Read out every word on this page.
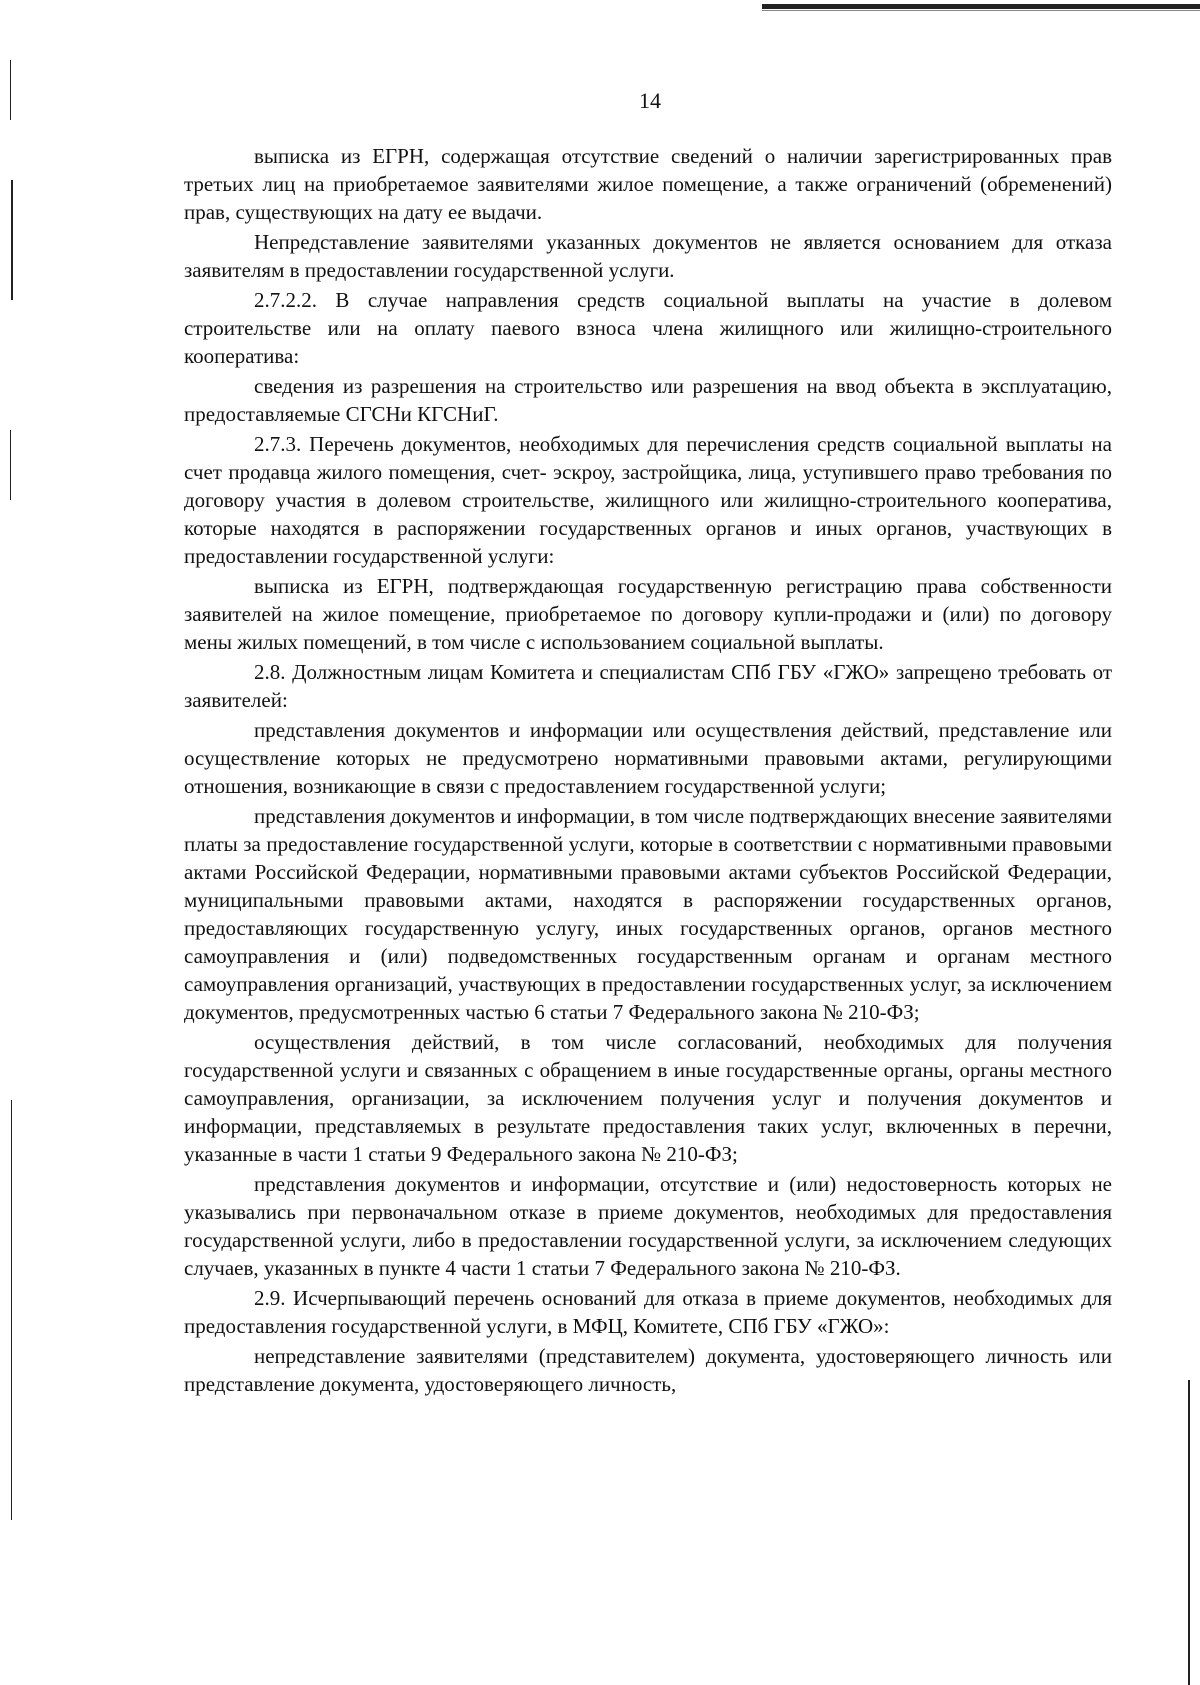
14

выписка из ЕГРН, содержащая отсутствие сведений о наличии зарегистрированных прав третьих лиц на приобретаемое заявителями жилое помещение, а также ограничений (обременений) прав, существующих на дату ее выдачи.

Непредставление заявителями указанных документов не является основанием для отказа заявителям в предоставлении государственной услуги.

2.7.2.2. В случае направления средств социальной выплаты на участие в долевом строительстве или на оплату паевого взноса члена жилищного или жилищно-строительного кооператива:

сведения из разрешения на строительство или разрешения на ввод объекта в эксплуатацию, предоставляемые СГСНи КГСНиГ.

2.7.3. Перечень документов, необходимых для перечисления средств социальной выплаты на счет продавца жилого помещения, счет- эскроу, застройщика, лица, уступившего право требования по договору участия в долевом строительстве, жилищного или жилищно-строительного кооператива, которые находятся в распоряжении государственных органов и иных органов, участвующих в предоставлении государственной услуги:

выписка из ЕГРН, подтверждающая государственную регистрацию права собственности заявителей на жилое помещение, приобретаемое по договору купли-продажи и (или) по договору мены жилых помещений, в том числе с использованием социальной выплаты.

2.8. Должностным лицам Комитета и специалистам СПб ГБУ «ГЖО» запрещено требовать от заявителей:

представления документов и информации или осуществления действий, представление или осуществление которых не предусмотрено нормативными правовыми актами, регулирующими отношения, возникающие в связи с предоставлением государственной услуги;

представления документов и информации, в том числе подтверждающих внесение заявителями платы за предоставление государственной услуги, которые в соответствии с нормативными правовыми актами Российской Федерации, нормативными правовыми актами субъектов Российской Федерации, муниципальными правовыми актами, находятся в распоряжении государственных органов, предоставляющих государственную услугу, иных государственных органов, органов местного самоуправления и (или) подведомственных государственным органам и органам местного самоуправления организаций, участвующих в предоставлении государственных услуг, за исключением документов, предусмотренных частью 6 статьи 7 Федерального закона № 210-ФЗ;

осуществления действий, в том числе согласований, необходимых для получения государственной услуги и связанных с обращением в иные государственные органы, органы местного самоуправления, организации, за исключением получения услуг и получения документов и информации, представляемых в результате предоставления таких услуг, включенных в перечни, указанные в части 1 статьи 9 Федерального закона № 210-ФЗ;

представления документов и информации, отсутствие и (или) недостоверность которых не указывались при первоначальном отказе в приеме документов, необходимых для предоставления государственной услуги, либо в предоставлении государственной услуги, за исключением следующих случаев, указанных в пункте 4 части 1 статьи 7 Федерального закона № 210-ФЗ.

2.9. Исчерпывающий перечень оснований для отказа в приеме документов, необходимых для предоставления государственной услуги, в МФЦ, Комитете, СПб ГБУ «ГЖО»:

непредставление заявителями (представителем) документа, удостоверяющего личность или представление документа, удостоверяющего личность,
